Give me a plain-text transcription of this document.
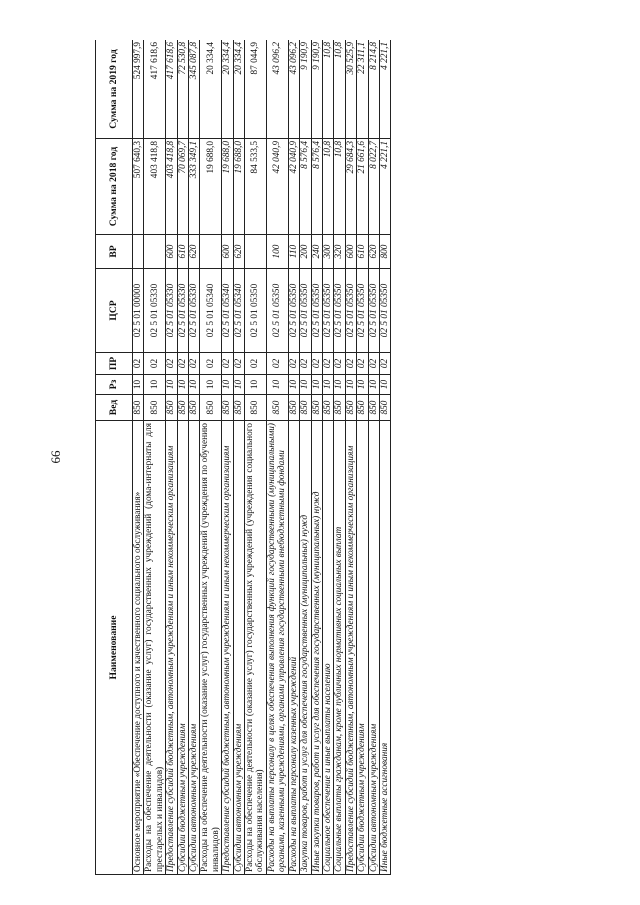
66
Наименование	Вед	Рз	ПР	ЦСР	ВР	Сумма на 2018 год	Сумма на 2019 год
Основное мероприятие «Обеспечение доступного и качественного социального обслуживания»	850	10	02	02 5 01 00000		507 640,3	524 997,9
Расходы на обеспечение деятельности (оказание услуг) государственных учреждений (дома-интернаты для престарелых и инвалидов)	850	10	02	02 5 01 05330		403 418,8	417 618,6
Предоставление субсидий бюджетным, автономным учреждениям и иным некоммерческим организациям	850	10	02	02 5 01 05330	600	403 418,8	417 618,6
Субсидии бюджетным учреждениям	850	10	02	02 5 01 05330	610	70 069,7	72 530,8
Субсидии автономным учреждениям	850	10	02	02 5 01 05330	620	333 349,1	345 087,8
Расходы на обеспечение деятельности (оказание услуг) государственных учреждений (учреждения по обучению инвалидов)	850	10	02	02 5 01 05340		19 688,0	20 334,4
Предоставление субсидий бюджетным, автономным учреждениям и иным некоммерческим организациям	850	10	02	02 5 01 05340	600	19 688,0	20 334,4
Субсидии автономным учреждениям	850	10	02	02 5 01 05340	620	19 688,0	20 334,4
Расходы на обеспечение деятельности (оказание услуг) государственных учреждений (учреждения социального обслуживания населения)	850	10	02	02 5 01 05350		84 533,5	87 044,9
Расходы на выплаты персоналу в целях обеспечения выполнения функций государственными (муниципальными) органами, казенными учреждениями, органами управления государственными внебюджетными фондами	850	10	02	02 5 01 05350	100	42 040,9	43 096,2
Расходы на выплаты персоналу казенных учреждений	850	10	02	02 5 01 05350	110	42 040,9	43 096,2
Закупка товаров, работ и услуг для обеспечения государственных (муниципальных) нужд	850	10	02	02 5 01 05350	200	8 576,4	9 190,9
Иные закупки товаров, работ и услуг для обеспечения государственных (муниципальных) нужд	850	10	02	02 5 01 05350	240	8 576,4	9 190,9
Социальное обеспечение и иные выплаты населению	850	10	02	02 5 01 05350	300	10,8	10,8
Социальные выплаты гражданам, кроме публичных нормативных социальных выплат	850	10	02	02 5 01 05350	320	10,8	10,8
Предоставление субсидий бюджетным, автономным учреждениям и иным некоммерческим организациям	850	10	02	02 5 01 05350	600	29 684,3	30 525,9
Субсидии бюджетным учреждениям	850	10	02	02 5 01 05350	610	21 661,6	22 311,1
Субсидии автономным учреждениям	850	10	02	02 5 01 05350	620	8 022,7	8 214,8
Иные бюджетные ассигнования	850	10	02	02 5 01 05350	800	4 221,1	4 221,1
